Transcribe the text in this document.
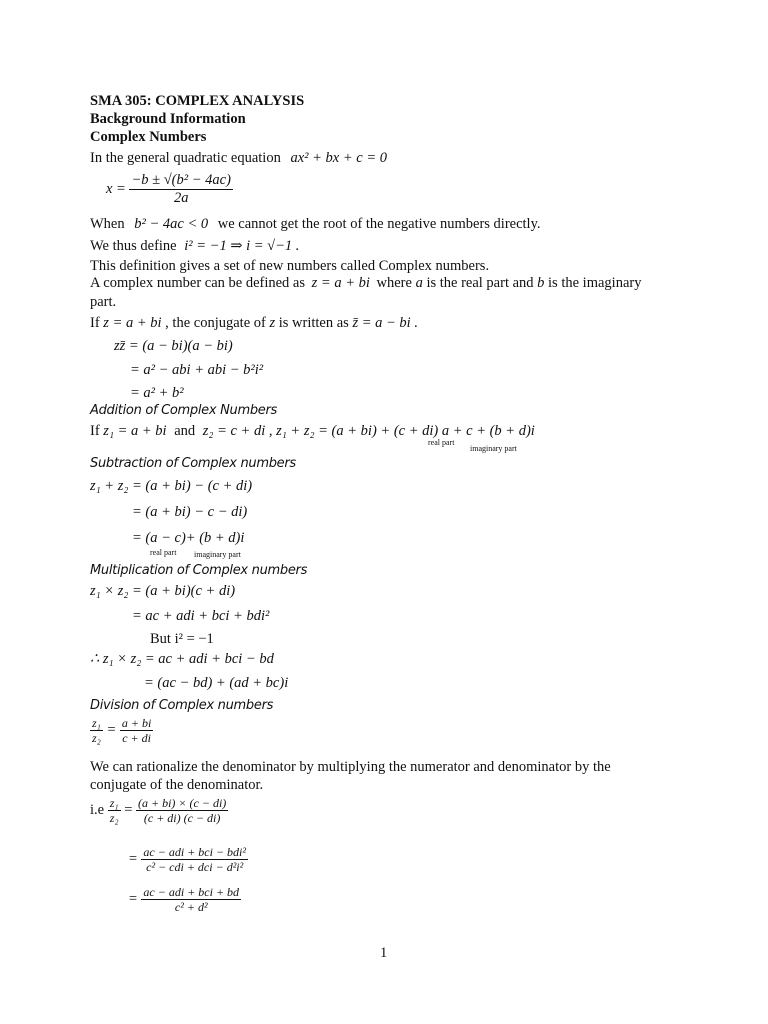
SMA 305: COMPLEX ANALYSIS
Background Information
Complex Numbers
In the general quadratic equation ax² + bx + c = 0
$x = \frac{\text{−b ± √(b² − 4ac)}}{2a}$
When b² − 4ac < 0 we cannot get the root of the negative numbers directly.
We thus define i² = −1 ⇒ i = √−1 .
This definition gives a set of new numbers called Complex numbers.
A complex number can be defined as z = a + bi where a is the real part and b is the imaginary
part.
If z = a + bi , the conjugate of z is written as z̄ = a − bi .
zz̄ = (a − bi)(a − bi)
= a² − abi + abi − b²i²
= a² + b²
Addition of Complex Numbers
If z₁ = a + bi and z₂ = c + di , z₁ + z₂ = (a + bi) + (c + di) a + c + (b + d)i
real part
imaginary part
Subtraction of Complex numbers
z₁ + z₂ = (a + bi) − (c + di)
= (a + bi) − c − di)
= (a − c)+ (b + d)i
real part imaginary part
Multiplication of Complex numbers
z₁ × z₂ = (a + bi)(c + di)
= ac + adi + bci + bdi²
But i² = −1
∴ z₁ × z₂ = ac + adi + bci − bd
= (ac − bd) + (ad + bc)i
Division of Complex numbers
$\frac{\text{z₁}}{\text{z₂}} = \frac{a + bi}{c + di}$
We can rationalize the denominator by multiplying the numerator and denominator by the
conjugate of the denominator.
$i.e \frac{\text{z₁}}{\text{z₂}} = \frac{(a + bi) \times (c - di)}{(c + di) (c - di)}$
= $\frac{\text{ac − adi + bci − bdi²}}{\text{c² − cdi + dci − d²i²}}$
= $\frac{\text{ac − adi + bci + bd}}{\text{c² + d²}}$
1
